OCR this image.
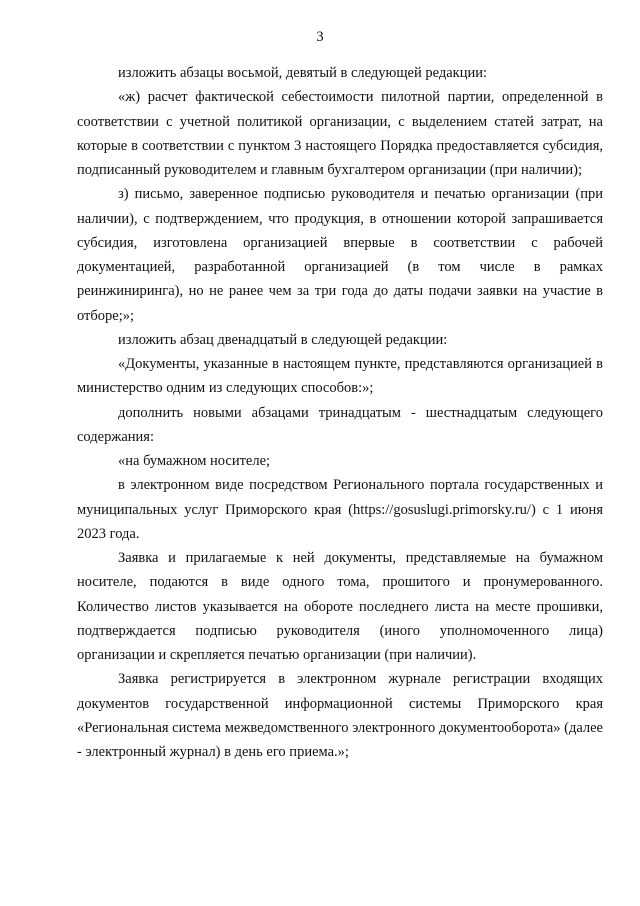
3

изложить абзацы восьмой, девятый в следующей редакции:

«ж) расчет фактической себестоимости пилотной партии, определенной в соответствии с учетной политикой организации, с выделением статей затрат, на которые в соответствии с пунктом 3 настоящего Порядка предоставляется субсидия, подписанный руководителем и главным бухгалтером организации (при наличии);

з) письмо, заверенное подписью руководителя и печатью организации (при наличии), с подтверждением, что продукция, в отношении которой запрашивается субсидия, изготовлена организацией впервые в соответствии с рабочей документацией, разработанной организацией (в том числе в рамках реинжиниринга), но не ранее чем за три года до даты подачи заявки на участие в отборе;»;

изложить абзац двенадцатый в следующей редакции:

«Документы, указанные в настоящем пункте, представляются организацией в министерство одним из следующих способов:»;

дополнить новыми абзацами тринадцатым - шестнадцатым следующего содержания:

«на бумажном носителе;

в электронном виде посредством Регионального портала государственных и муниципальных услуг Приморского края (https://gosuslugi.primorsky.ru/) с 1 июня 2023 года.

Заявка и прилагаемые к ней документы, представляемые на бумажном носителе, подаются в виде одного тома, прошитого и пронумерованного. Количество листов указывается на обороте последнего листа на месте прошивки, подтверждается подписью руководителя (иного уполномоченного лица) организации и скрепляется печатью организации (при наличии).

Заявка регистрируется в электронном журнале регистрации входящих документов государственной информационной системы Приморского края «Региональная система межведомственного электронного документооборота» (далее - электронный журнал) в день его приема.»;
